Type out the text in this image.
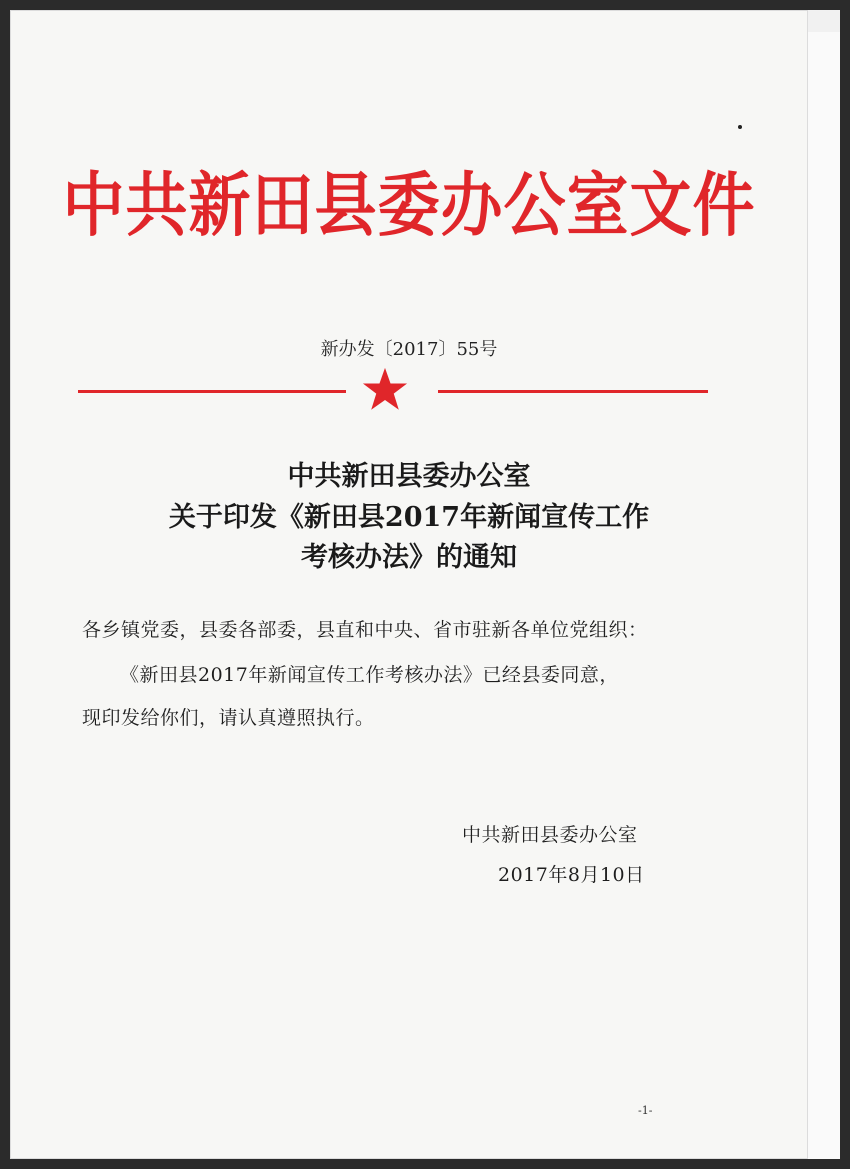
中共新田县委办公室文件
新办发〔2017〕55号
中共新田县委办公室
关于印发《新田县2017年新闻宣传工作
考核办法》的通知
各乡镇党委，县委各部委，县直和中央、省市驻新各单位党组织：
《新田县2017年新闻宣传工作考核办法》已经县委同意，
现印发给你们，请认真遵照执行。
中共新田县委办公室
2017年8月10日
-1-
